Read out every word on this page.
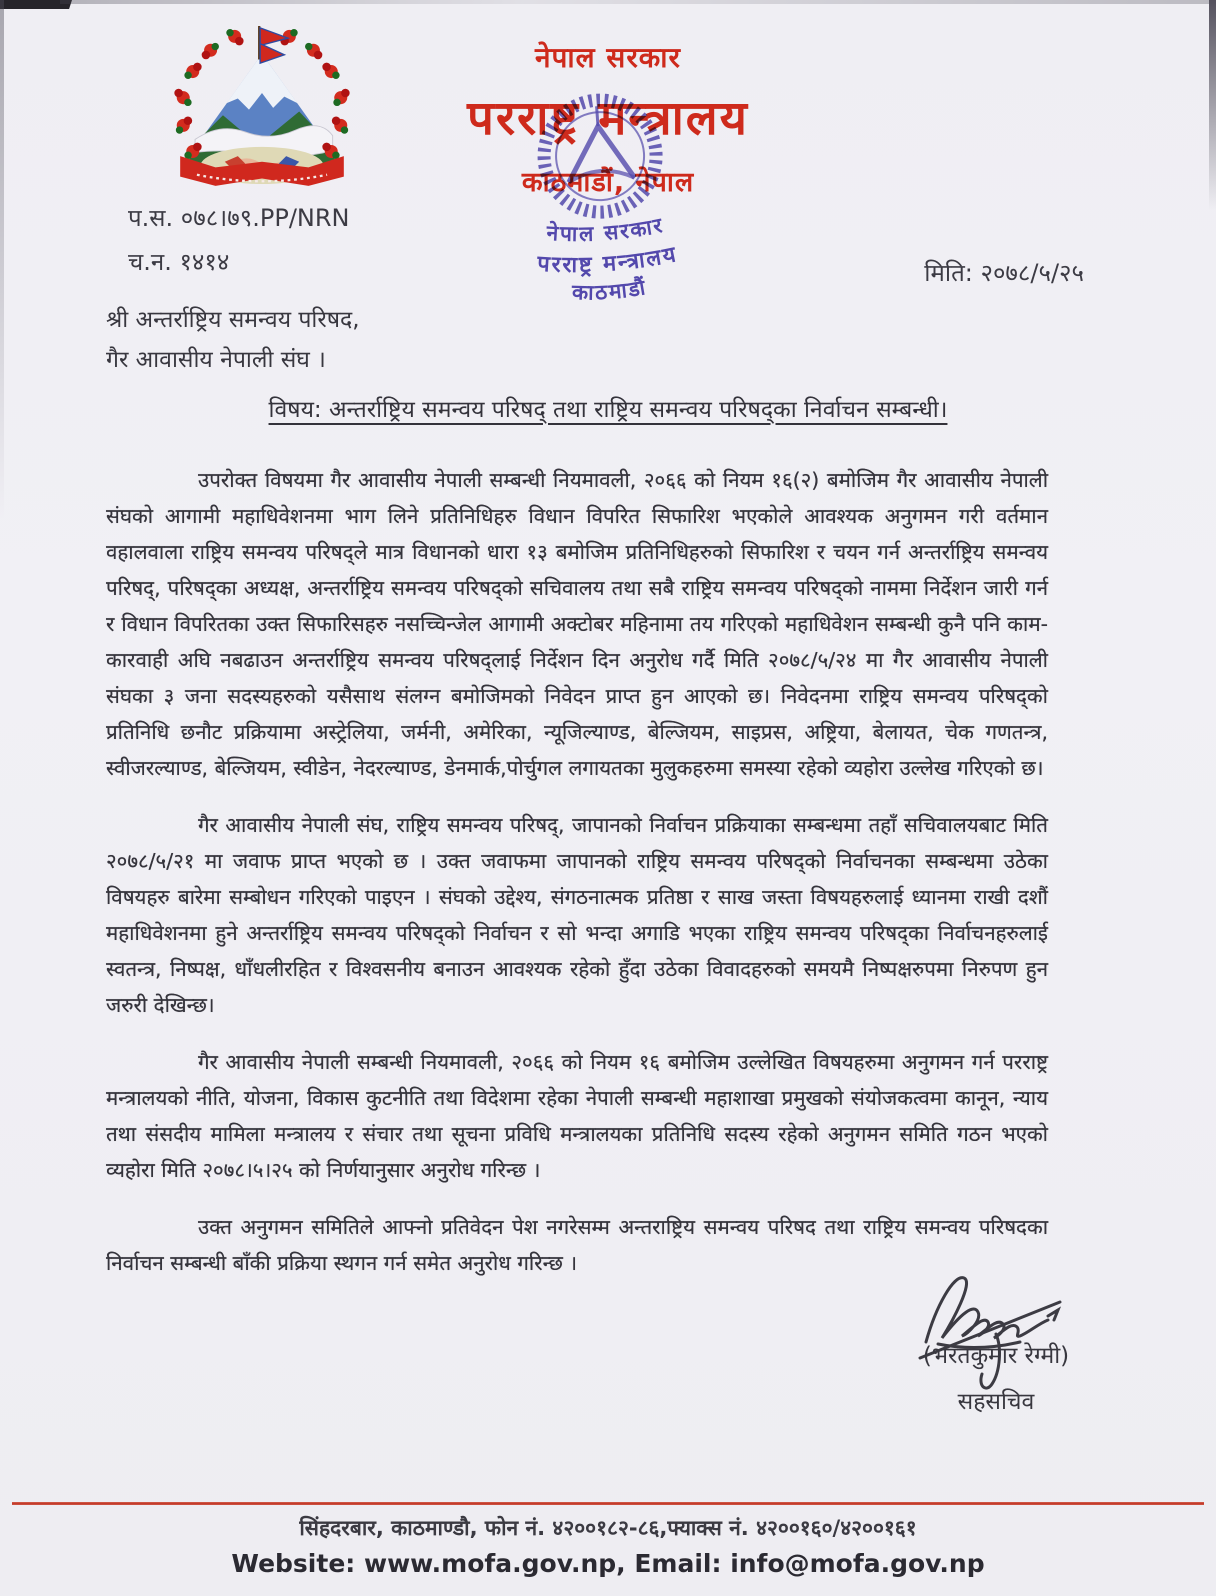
नेपाल सरकार
परराष्ट्र मन्त्रालय
काठमाडौं, नेपाल
नेपाल सरकार
परराष्ट्र मन्त्रालय
काठमाडौं
प.स. ०७८।७९.PP/NRN
च.न. १४१४	मिति: २०७८/५/२५
श्री अन्तर्राष्ट्रिय समन्वय परिषद,
गैर आवासीय नेपाली संघ ।
विषय: अन्तर्राष्ट्रिय समन्वय परिषद् तथा राष्ट्रिय समन्वय परिषद्का निर्वाचन सम्बन्धी।

उपरोक्त विषयमा गैर आवासीय नेपाली सम्बन्धी नियमावली, २०६६ को नियम १६(२) बमोजिम गैर आवासीय नेपाली संघको आगामी महाधिवेशनमा भाग लिने प्रतिनिधिहरु विधान विपरित सिफारिश भएकोले आवश्यक अनुगमन गरी वर्तमान वहालवाला राष्ट्रिय समन्वय परिषद्ले मात्र विधानको धारा १३ बमोजिम प्रतिनिधिहरुको सिफारिश र चयन गर्न अन्तर्राष्ट्रिय समन्वय परिषद्, परिषद्का अध्यक्ष, अन्तर्राष्ट्रिय समन्वय परिषद्को सचिवालय तथा सबै राष्ट्रिय समन्वय परिषद्को नाममा निर्देशन जारी गर्न र विधान विपरितका उक्त सिफारिसहरु नसच्चिन्जेल आगामी अक्टोबर महिनामा तय गरिएको महाधिवेशन सम्बन्धी कुनै पनि काम-कारवाही अघि नबढाउन अन्तर्राष्ट्रिय समन्वय परिषद्लाई निर्देशन दिन अनुरोध गर्दै मिति २०७८/५/२४ मा गैर आवासीय नेपाली संघका ३ जना सदस्यहरुको यसैसाथ संलग्न बमोजिमको निवेदन प्राप्त हुन आएको छ। निवेदनमा राष्ट्रिय समन्वय परिषद्को प्रतिनिधि छनौट प्रक्रियामा अस्ट्रेलिया, जर्मनी, अमेरिका, न्यूजिल्याण्ड, बेल्जियम, साइप्रस, अष्ट्रिया, बेलायत, चेक गणतन्त्र, स्वीजरल्याण्ड, बेल्जियम, स्वीडेन, नेदरल्याण्ड, डेनमार्क,पोर्चुगल लगायतका मुलुकहरुमा समस्या रहेको व्यहोरा उल्लेख गरिएको छ।

गैर आवासीय नेपाली संघ, राष्ट्रिय समन्वय परिषद्, जापानको निर्वाचन प्रक्रियाका सम्बन्धमा तहाँ सचिवालयबाट मिति २०७८/५/२१ मा जवाफ प्राप्त भएको छ । उक्त जवाफमा जापानको राष्ट्रिय समन्वय परिषद्को निर्वाचनका सम्बन्धमा उठेका विषयहरु बारेमा सम्बोधन गरिएको पाइएन । संघको उद्देश्य, संगठनात्मक प्रतिष्ठा र साख जस्ता विषयहरुलाई ध्यानमा राखी दशौं महाधिवेशनमा हुने अन्तर्राष्ट्रिय समन्वय परिषद्को निर्वाचन र सो भन्दा अगाडि भएका राष्ट्रिय समन्वय परिषद्का निर्वाचनहरुलाई स्वतन्त्र, निष्पक्ष, धाँधलीरहित र विश्वसनीय बनाउन आवश्यक रहेको हुँदा उठेका विवादहरुको समयमै निष्पक्षरुपमा निरुपण हुन जरुरी देखिन्छ।

गैर आवासीय नेपाली सम्बन्धी नियमावली, २०६६ को नियम १६ बमोजिम उल्लेखित विषयहरुमा अनुगमन गर्न परराष्ट्र मन्त्रालयको नीति, योजना, विकास कुटनीति तथा विदेशमा रहेका नेपाली सम्बन्धी महाशाखा प्रमुखको संयोजकत्वमा कानून, न्याय तथा संसदीय मामिला मन्त्रालय र संचार तथा सूचना प्रविधि मन्त्रालयका प्रतिनिधि सदस्य रहेको अनुगमन समिति गठन भएको व्यहोरा मिति २०७८।५।२५ को निर्णयानुसार अनुरोध गरिन्छ ।

उक्त अनुगमन समितिले आफ्नो प्रतिवेदन पेश नगरेसम्म अन्तराष्ट्रिय समन्वय परिषद तथा राष्ट्रिय समन्वय परिषदका निर्वाचन सम्बन्धी बाँकी प्रक्रिया स्थगन गर्न समेत अनुरोध गरिन्छ ।

(भरतकुमार रेग्मी)
सहसचिव
सिंहदरबार, काठमाण्डौ, फोन नं. ४२००१८२-८६,फ्याक्स नं. ४२००१६०/४२००१६१
Website: www.mofa.gov.np, Email: info@mofa.gov.np
